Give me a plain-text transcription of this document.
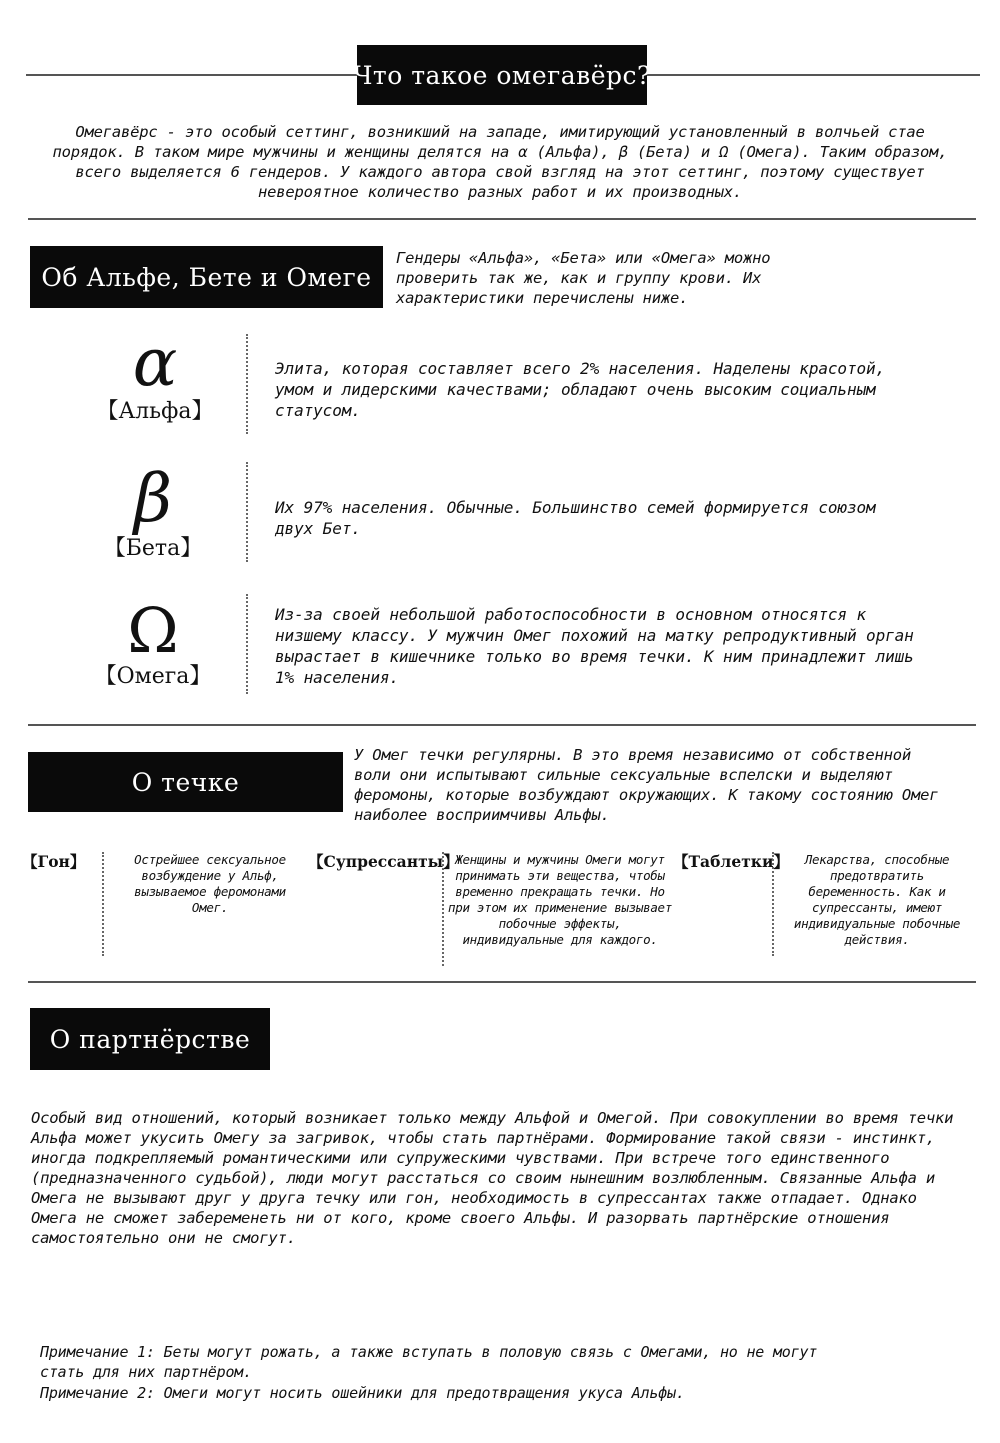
Что такое омегавёрс?
Омегавёрс - это особый сеттинг, возникший на западе, имитирующий установленный в волчьей стае порядок. В таком мире мужчины и женщины делятся на α (Альфа), β (Бета) и Ω (Омега). Таким образом, всего выделяется 6 гендеров. У каждого автора свой взгляд на этот сеттинг, поэтому существует невероятное количество разных работ и их производных.
Об Альфе, Бете и Омеге
Гендеры «Альфа», «Бета» или «Омега» можно проверить так же, как и группу крови. Их характеристики перечислены ниже.
α
【Альфа】
Элита, которая составляет всего 2% населения. Наделены красотой, умом и лидерскими качествами; обладают очень высоким социальным статусом.
β
【Бета】
Их 97% населения. Обычные. Большинство семей формируется союзом двух Бет.
Ω
【Омега】
Из-за своей небольшой работоспособности в основном относятся к низшему классу. У мужчин Омег похожий на матку репродуктивный орган вырастает в кишечнике только во время течки. К ним принадлежит лишь 1% населения.
О течке
У Омег течки регулярны. В это время независимо от собственной воли они испытывают сильные сексуальные вспелски и выделяют феромоны, которые возбуждают окружающих. К такому состоянию Омег наиболее восприимчивы Альфы.
【Гон】	Острейшее сексуальное возбуждение у Альф, вызываемое феромонами Омег.
【Супрессанты】
Женщины и мужчины Омеги могут принимать эти вещества, чтобы временно прекращать течки. Но при этом их применение вызывает побочные эффекты, индивидуальные для каждого.
【Таблетки】	Лекарства, способные предотвратить беременность. Как и супрессанты, имеют индивидуальные побочные действия.
О партнёрстве
Особый вид отношений, который возникает только между Альфой и Омегой. При совокуплении во время течки Альфа может укусить Омегу за загривок, чтобы стать партнёрами. Формирование такой связи - инстинкт, иногда подкрепляемый романтическими или супружескими чувствами. При встрече того единственного (предназначенного судьбой), люди могут расстаться со своим нынешним возлюбленным. Связанные Альфа и Омега не вызывают друг у друга течку или гон, необходимость в супрессантах также отпадает. Однако Омега не сможет забеременеть ни от кого, кроме своего Альфы. И разорвать партнёрские отношения самостоятельно они не смогут.
Примечание 1: Беты могут рожать, а также вступать в половую связь с Омегами, но не могут стать для них партнёром.
Примечание 2: Омеги могут носить ошейники для предотвращения укуса Альфы.
